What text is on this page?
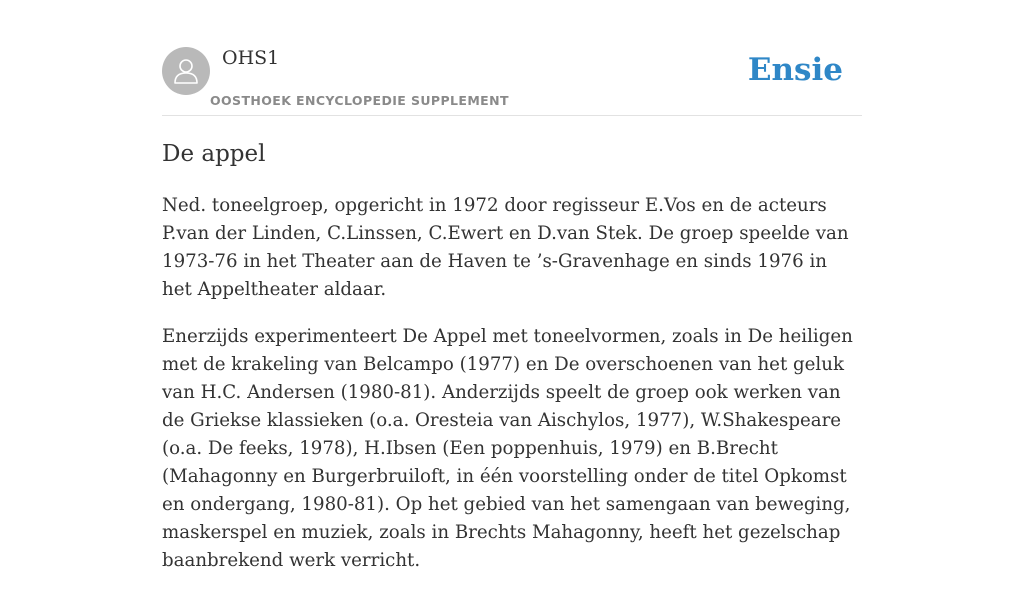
OHS1
OOSTHOEK ENCYCLOPEDIE SUPPLEMENT
Ensie
De appel

Ned. toneelgroep, opgericht in 1972 door regisseur E.Vos en de acteurs P.van der Linden, C.Linssen, C.Ewert en D.van Stek. De groep speelde van 1973-76 in het Theater aan de Haven te ’s-Gravenhage en sinds 1976 in het Appeltheater aldaar.

Enerzijds experimenteert De Appel met toneelvormen, zoals in De heiligen met de krakeling van Belcampo (1977) en De overschoenen van het geluk van H.C. Andersen (1980-81). Anderzijds speelt de groep ook werken van de Griekse klassieken (o.a. Oresteia van Aischylos, 1977), W.Shakespeare (o.a. De feeks, 1978), H.Ibsen (Een poppenhuis, 1979) en B.Brecht (Mahagonny en Burgerbruiloft, in één voorstelling onder de titel Opkomst en ondergang, 1980-81). Op het gebied van het samengaan van beweging, maskerspel en muziek, zoals in Brechts Mahagonny, heeft het gezelschap baanbrekend werk verricht.
